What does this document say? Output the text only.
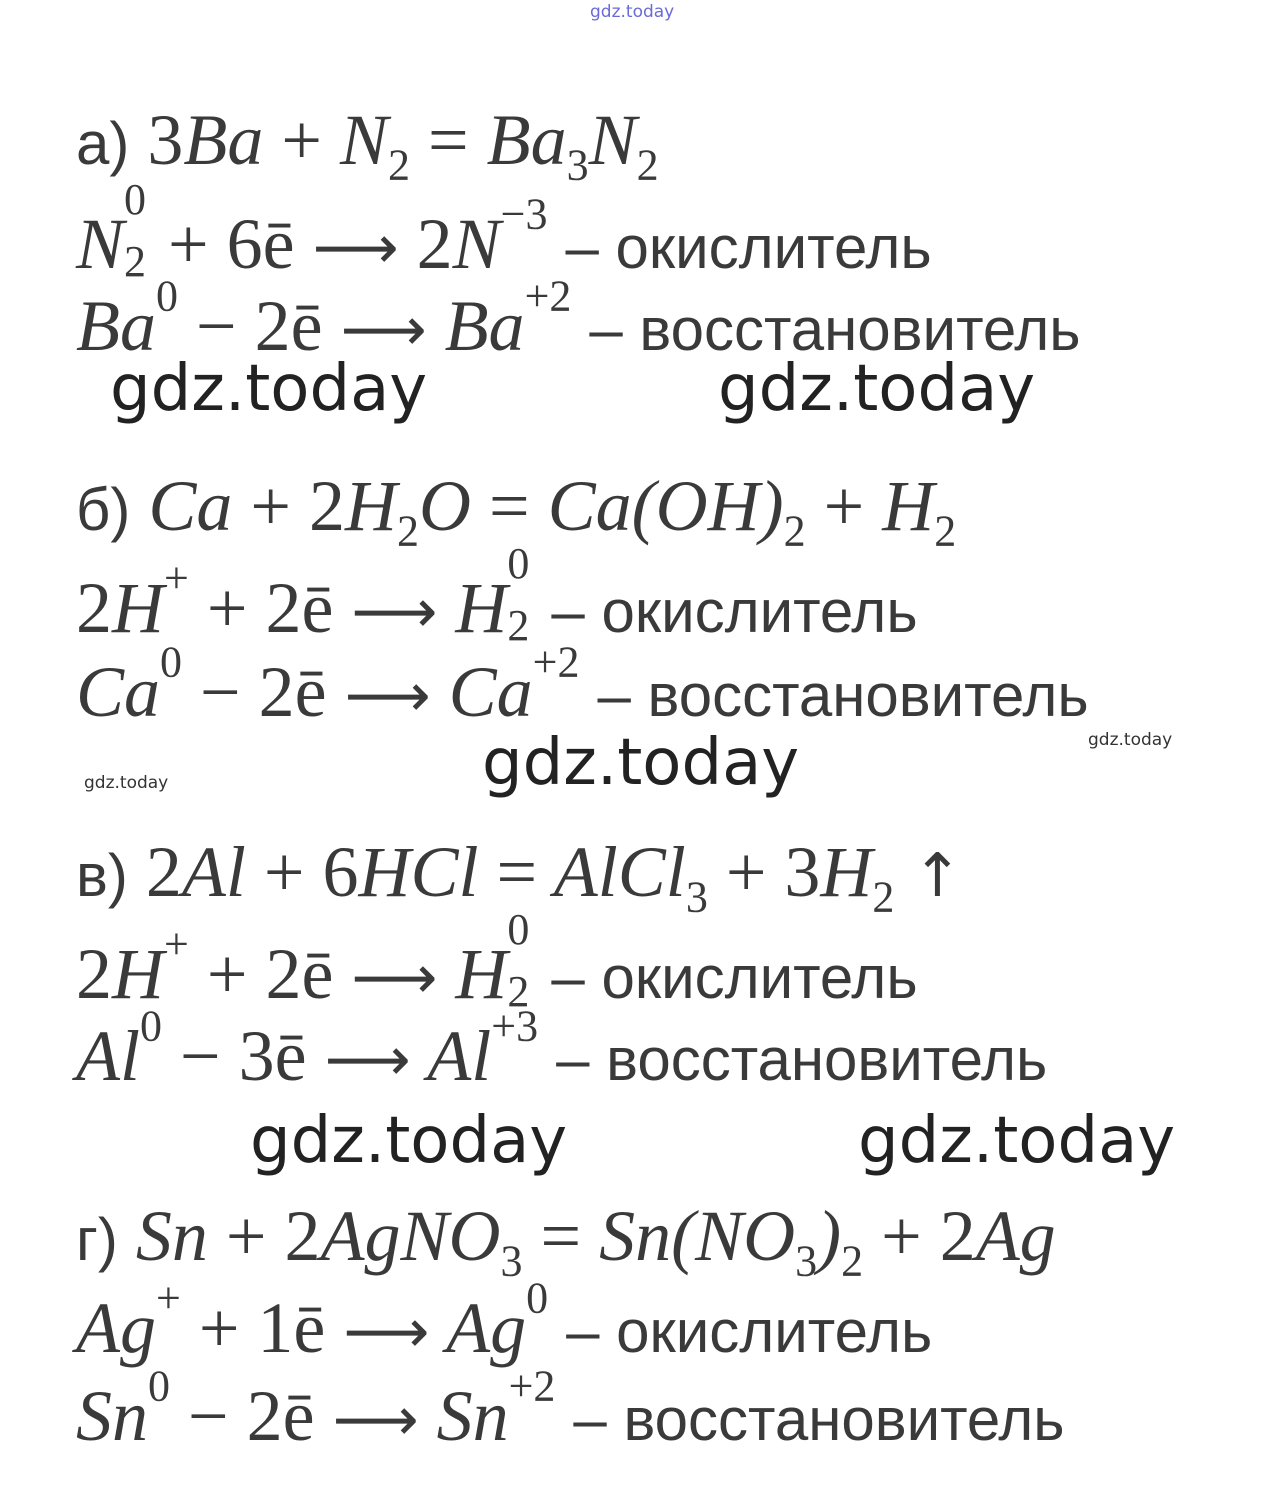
gdz.today
а) $3Ba + N_2 = Ba_3N_2$
N
0
2 + 6ē ⟶ $2N^{-3}$ – окислитель
$Ba^0$ − 2ē ⟶ $Ba^{+2}$ – восстановитель
gdz.today	gdz.today
б) $Ca + 2H_2O = Ca(OH)_2 + H_2$
2H+ + 2ē ⟶ H
0
2 – окислитель
$Ca^0$ − 2ē ⟶ $Ca^{+2}$ – восстановитель
gdz.today	gdz.today
gdz.today
в) 2Al + 6HCl = AlCl$_3$ + $3H_2$ ↑
2H+ + 2ē ⟶ H
0
2 – окислитель
$Al^0$ − 3ē ⟶ $Al^{+3}$ – восстановитель
gdz.today	gdz.today
г) Sn + 2AgNO$_3$ = $Sn(NO_3)_2 + 2Ag$
Ag+ + 1ē ⟶ Ag$^0$ – окислитель
$Sn^0$ − 2ē ⟶ $Sn^{+2}$ – восстановитель
